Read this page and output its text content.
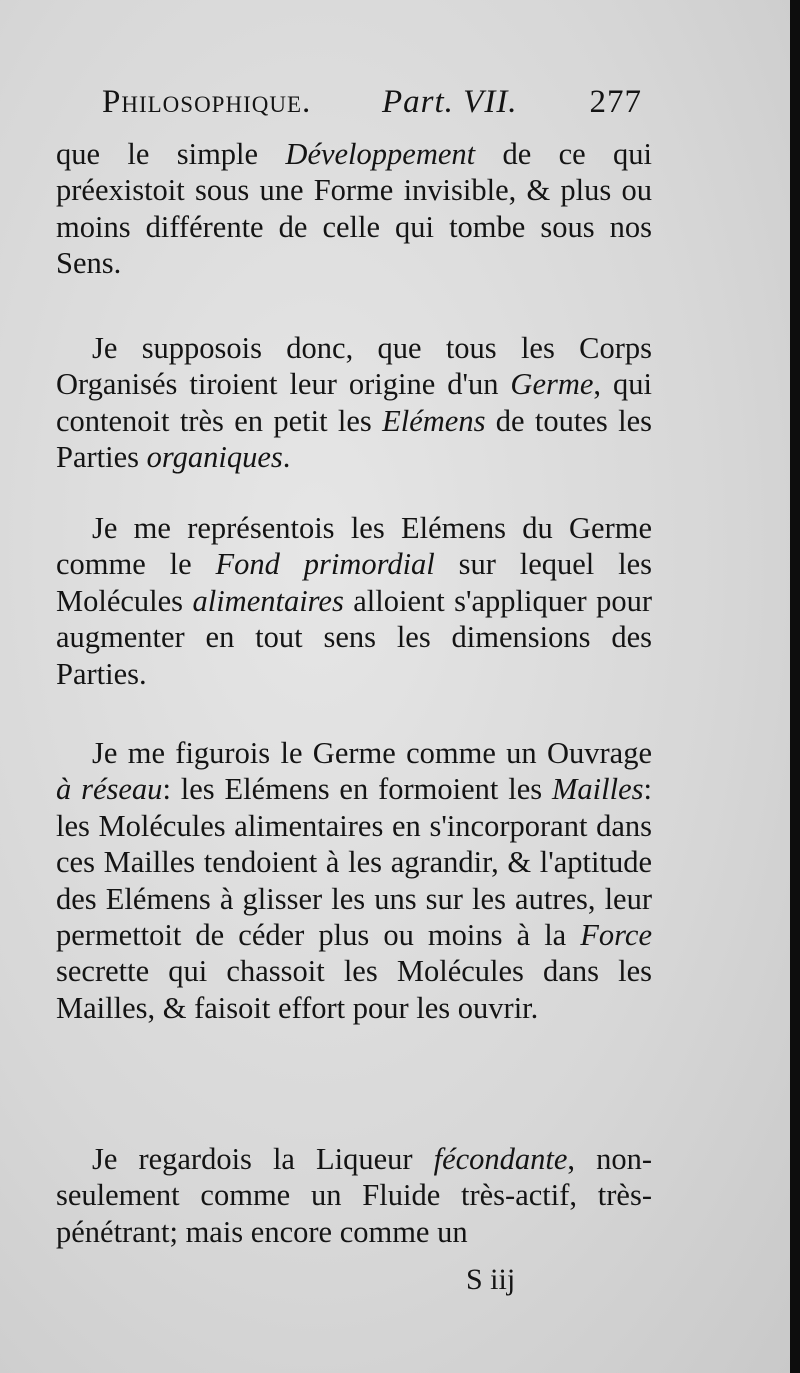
Philosophique. Part. VII. 277

que le simple Développement de ce qui préexistoit sous une Forme invisible, & plus ou moins différente de celle qui tombe sous nos Sens.

Je supposois donc, que tous les Corps Organisés tiroient leur origine d'un Germe, qui contenoit très en petit les Elémens de toutes les Parties organiques.

Je me représentois les Elémens du Germe comme le Fond primordial sur lequel les Molécules alimentaires alloient s'appliquer pour augmenter en tout sens les dimensions des Parties.

Je me figurois le Germe comme un Ouvrage à réseau: les Elémens en formoient les Mailles: les Molécules alimentaires en s'incorporant dans ces Mailles tendoient à les agrandir, & l'aptitude des Elémens à glisser les uns sur les autres, leur permettoit de céder plus ou moins à la Force secrette qui chassoit les Molécules dans les Mailles, & faisoit effort pour les ouvrir.

Je regardois la Liqueur fécondante, non-seulement comme un Fluide très-actif, très-pénétrant; mais encore comme un

S iij
